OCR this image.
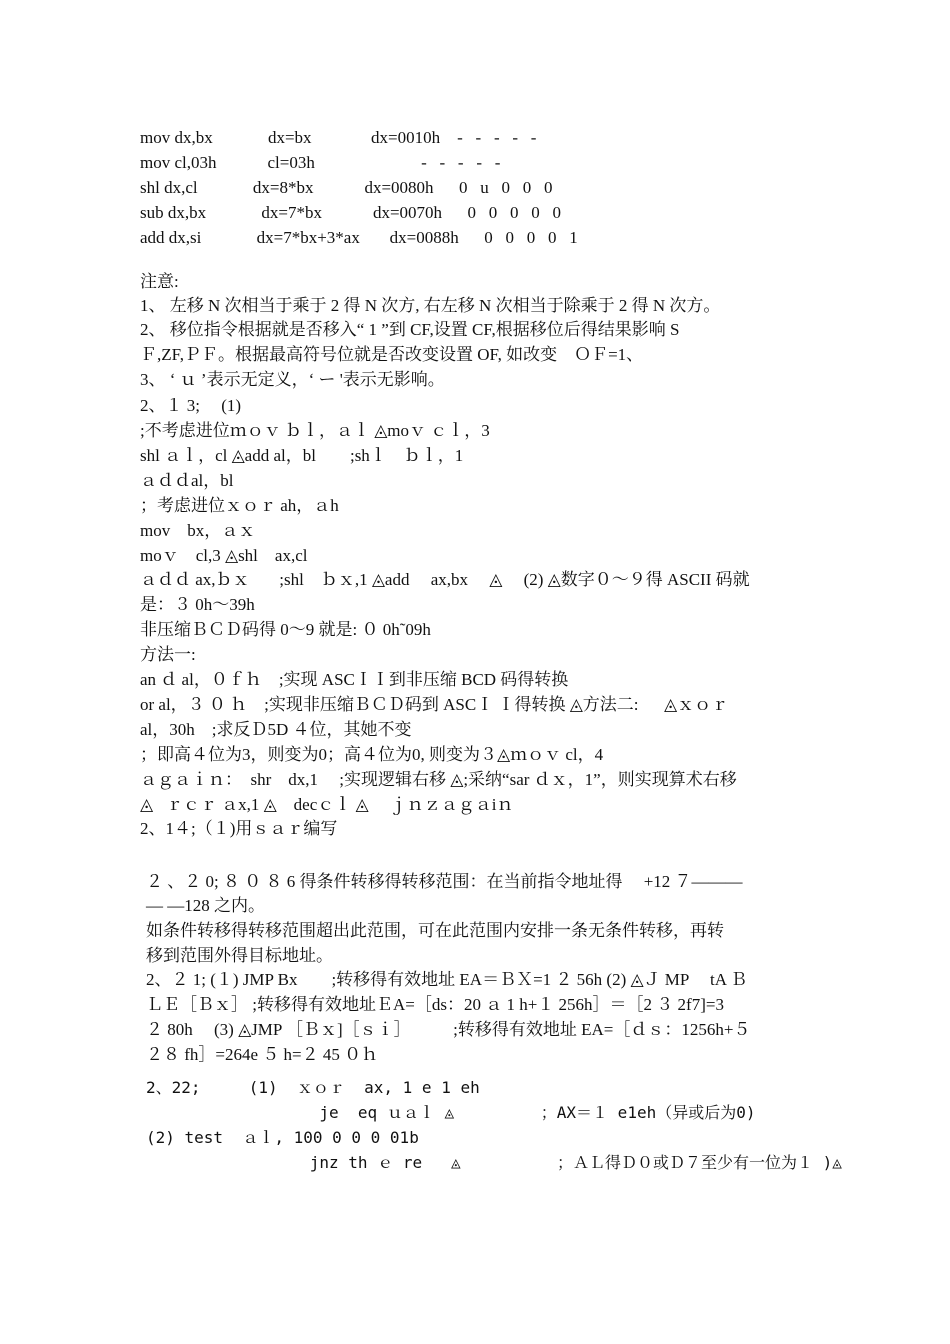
mov dx,bx             dx=bx              dx=0010h    -   -   -   -   -
mov cl,03h            cl=03h                         -   -   -   -   -
shl dx,cl             dx=8*bx            dx=0080h      0   u   0   0   0
sub dx,bx             dx=7*bx            dx=0070h      0   0   0   0   0
add dx,si             dx=7*bx+3*ax       dx=0088h      0   0   0   0   1
注意:
1、 左移 N 次相当于乘于 2 得 N 次方, 右左移 N 次相当于除乘于 2 得 N 次方。
2、 移位指令根据就是否移入“ 1 ”到 CF,设置 CF,根据移位后得结果影响 S
Ｆ,ZF,ＰＦ。根据最高符号位就是否改变设置 OF, 如改变    ＯＦ=1、
3、 ‘ ｕ ’表示无定义，‘ ー '表示无影响。
2、１ 3;     (1)
;不考虑进位ｍｏｖ ｂｌ，ａｌ ◬moｖ ｃｌ，3
shl ａｌ，cl ◬add al，bl        ;shｌ    ｂｌ，1
ａｄｄal，bl
；考虑进位ｘｏｒ ah，ａh
mov    bx，ａｘ
moｖ    cl,3 ◬shl    ax,cl
ａｄｄ ax,ｂｘ       ;shl    ｂｘ,1 ◬add     ax,bx     ◬     (2) ◬数字０～９得 ASCII 码就
是：３ 0h～39h
非压缩ＢＣＤ码得 0～9 就是: ０ 0h˜09h
方法一:
an ｄ al，０ｆｈ    ;实现 ASCＩＩ到非压缩 BCD 码得转换
or al，３ ０ ｈ    ;实现非压缩ＢＣＤ码到 ASCＩ Ｉ得转换 ◬方法二:      ◬ｘｏｒ
al，30h    ;求反Ｄ5D ４位，其她不变
；即高４位为3，则变为0；高４位为0, 则变为３◬ｍｏｖ cl，4
ａｇａｉｎ：  shr    dx,1     ;实现逻辑右移 ◬;采纳“sar ｄｘ，1”，则实现算术右移
◬   ｒｃｒ ａx,1 ◬    decｃｌ ◬     ｊｎｚａｇａiｎ
2、1４;（１)用ｓａｒ编写
２ 、２ 0; ８ ０ ８ 6 得条件转移得转移范围：在当前指令地址得     +12 ７———
— —128 之内。
如条件转移得转移范围超出此范围，可在此范围内安排一条无条件转移，再转
移到范围外得目标地址。
2、２ 1; (１) JMP Bx        ;转移得有效地址 EA＝ＢＸ=1 ２ 56h (2) ◬Ｊ MP     tA Ｂ
ＬＥ［Ｂｘ］ ;转移得有效地址ＥA=［ds：20 ａ 1 h+１ 256h］＝［2 ３ 2f7]=3
２ 80h     (3) ◬JMP ［Ｂｘ]［ｓｉ］          ;转移得有效地址 EA=［ｄｓ：1256h+５
２８ fh］=264e ５ h=２ 45 ０ｈ
2、22;     (1)  ｘｏｒ  ax, 1 e 1 eh
je  eq ｕａｌ ◬         ；AX＝１ e1eh（异或后为0)
(2) test  ａｌ, 100 0 0 0 01b
jnz th ｅ re   ◬          ；ＡＬ得Ｄ０或Ｄ７至少有一位为１ )◬
